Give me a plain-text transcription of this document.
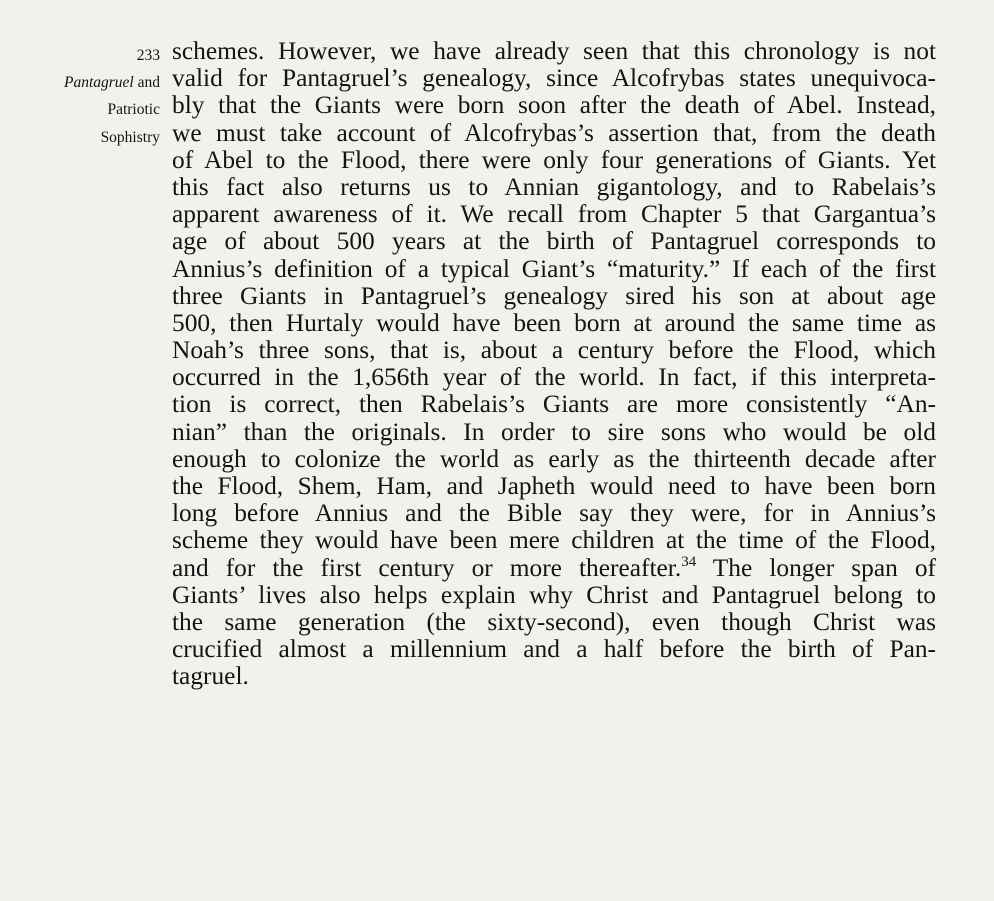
233
Pantagruel and
Patriotic
Sophistry
schemes. However, we have already seen that this chronology is not
valid for Pantagruel’s genealogy, since Alcofrybas states unequivoca-
bly that the Giants were born soon after the death of Abel. Instead,
we must take account of Alcofrybas’s assertion that, from the death
of Abel to the Flood, there were only four generations of Giants. Yet
this fact also returns us to Annian gigantology, and to Rabelais’s
apparent awareness of it. We recall from Chapter 5 that Gargantua’s
age of about 500 years at the birth of Pantagruel corresponds to
Annius’s definition of a typical Giant’s “maturity.” If each of the first
three Giants in Pantagruel’s genealogy sired his son at about age
500, then Hurtaly would have been born at around the same time as
Noah’s three sons, that is, about a century before the Flood, which
occurred in the 1,656th year of the world. In fact, if this interpreta-
tion is correct, then Rabelais’s Giants are more consistently “An-
nian” than the originals. In order to sire sons who would be old
enough to colonize the world as early as the thirteenth decade after
the Flood, Shem, Ham, and Japheth would need to have been born
long before Annius and the Bible say they were, for in Annius’s
scheme they would have been mere children at the time of the Flood,
and for the first century or more thereafter.$^{34}$ The longer span of
Giants’ lives also helps explain why Christ and Pantagruel belong to
the same generation (the sixty-second), even though Christ was
crucified almost a millennium and a half before the birth of Pan-
tagruel.
